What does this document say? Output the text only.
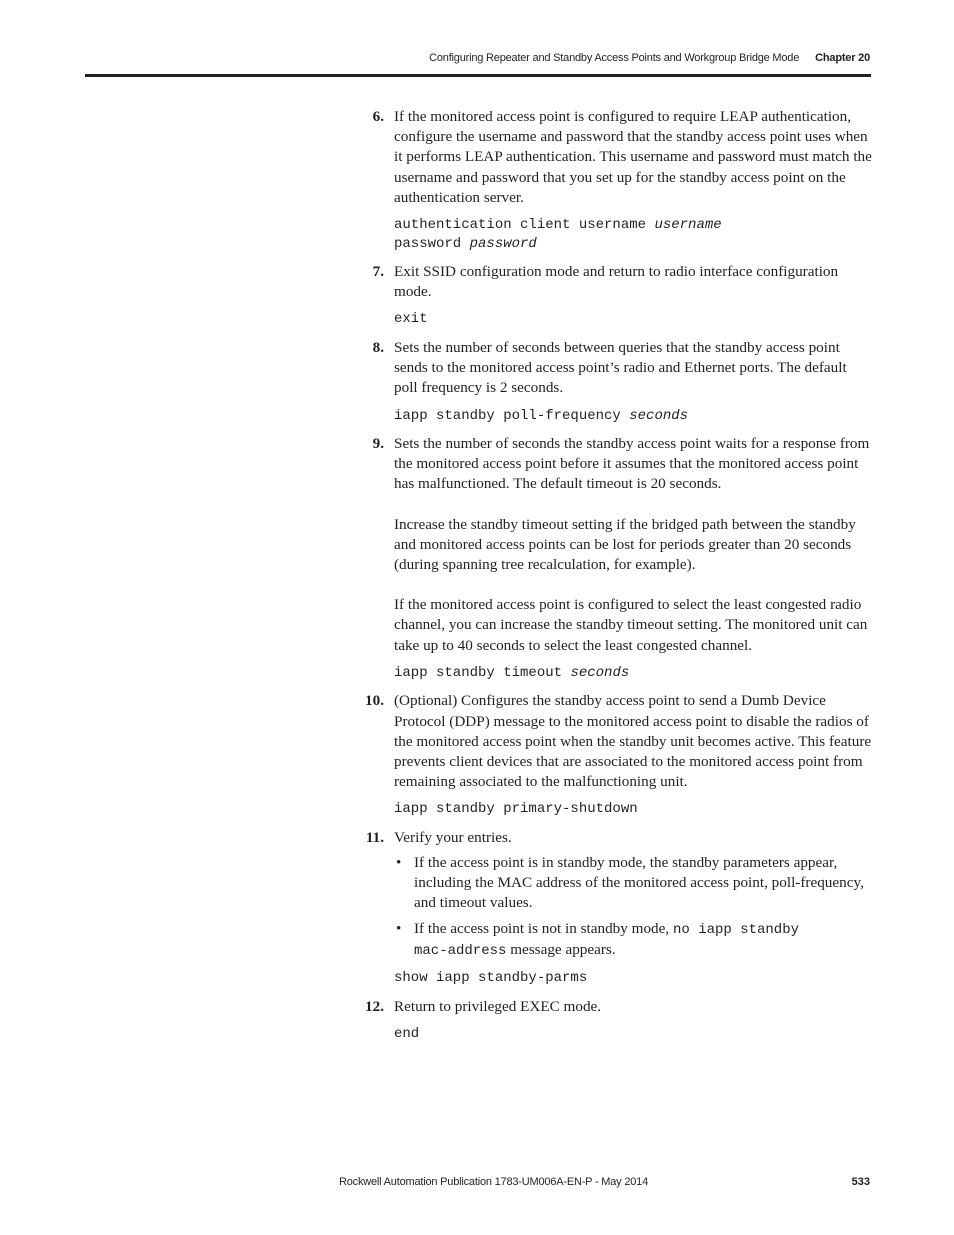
Configuring Repeater and Standby Access Points and Workgroup Bridge Mode Chapter 20
6. If the monitored access point is configured to require LEAP authentication, configure the username and password that the standby access point uses when it performs LEAP authentication. This username and password must match the username and password that you set up for the standby access point on the authentication server.

authentication client username username
password password
7. Exit SSID configuration mode and return to radio interface configuration mode.

exit
8. Sets the number of seconds between queries that the standby access point sends to the monitored access point’s radio and Ethernet ports. The default poll frequency is 2 seconds.

iapp standby poll-frequency seconds
9. Sets the number of seconds the standby access point waits for a response from the monitored access point before it assumes that the monitored access point has malfunctioned. The default timeout is 20 seconds.

Increase the standby timeout setting if the bridged path between the standby and monitored access points can be lost for periods greater than 20 seconds (during spanning tree recalculation, for example).

If the monitored access point is configured to select the least congested radio channel, you can increase the standby timeout setting. The monitored unit can take up to 40 seconds to select the least congested channel.

iapp standby timeout seconds
10. (Optional) Configures the standby access point to send a Dumb Device Protocol (DDP) message to the monitored access point to disable the radios of the monitored access point when the standby unit becomes active. This feature prevents client devices that are associated to the monitored access point from remaining associated to the malfunctioning unit.

iapp standby primary-shutdown
11. Verify your entries.

• If the access point is in standby mode, the standby parameters appear, including the MAC address of the monitored access point, poll-frequency, and timeout values.
• If the access point is not in standby mode, no iapp standby
mac-address message appears.
show iapp standby-parms
12. Return to privileged EXEC mode.

end
Rockwell Automation Publication 1783-UM006A-EN-P - May 2014	533
